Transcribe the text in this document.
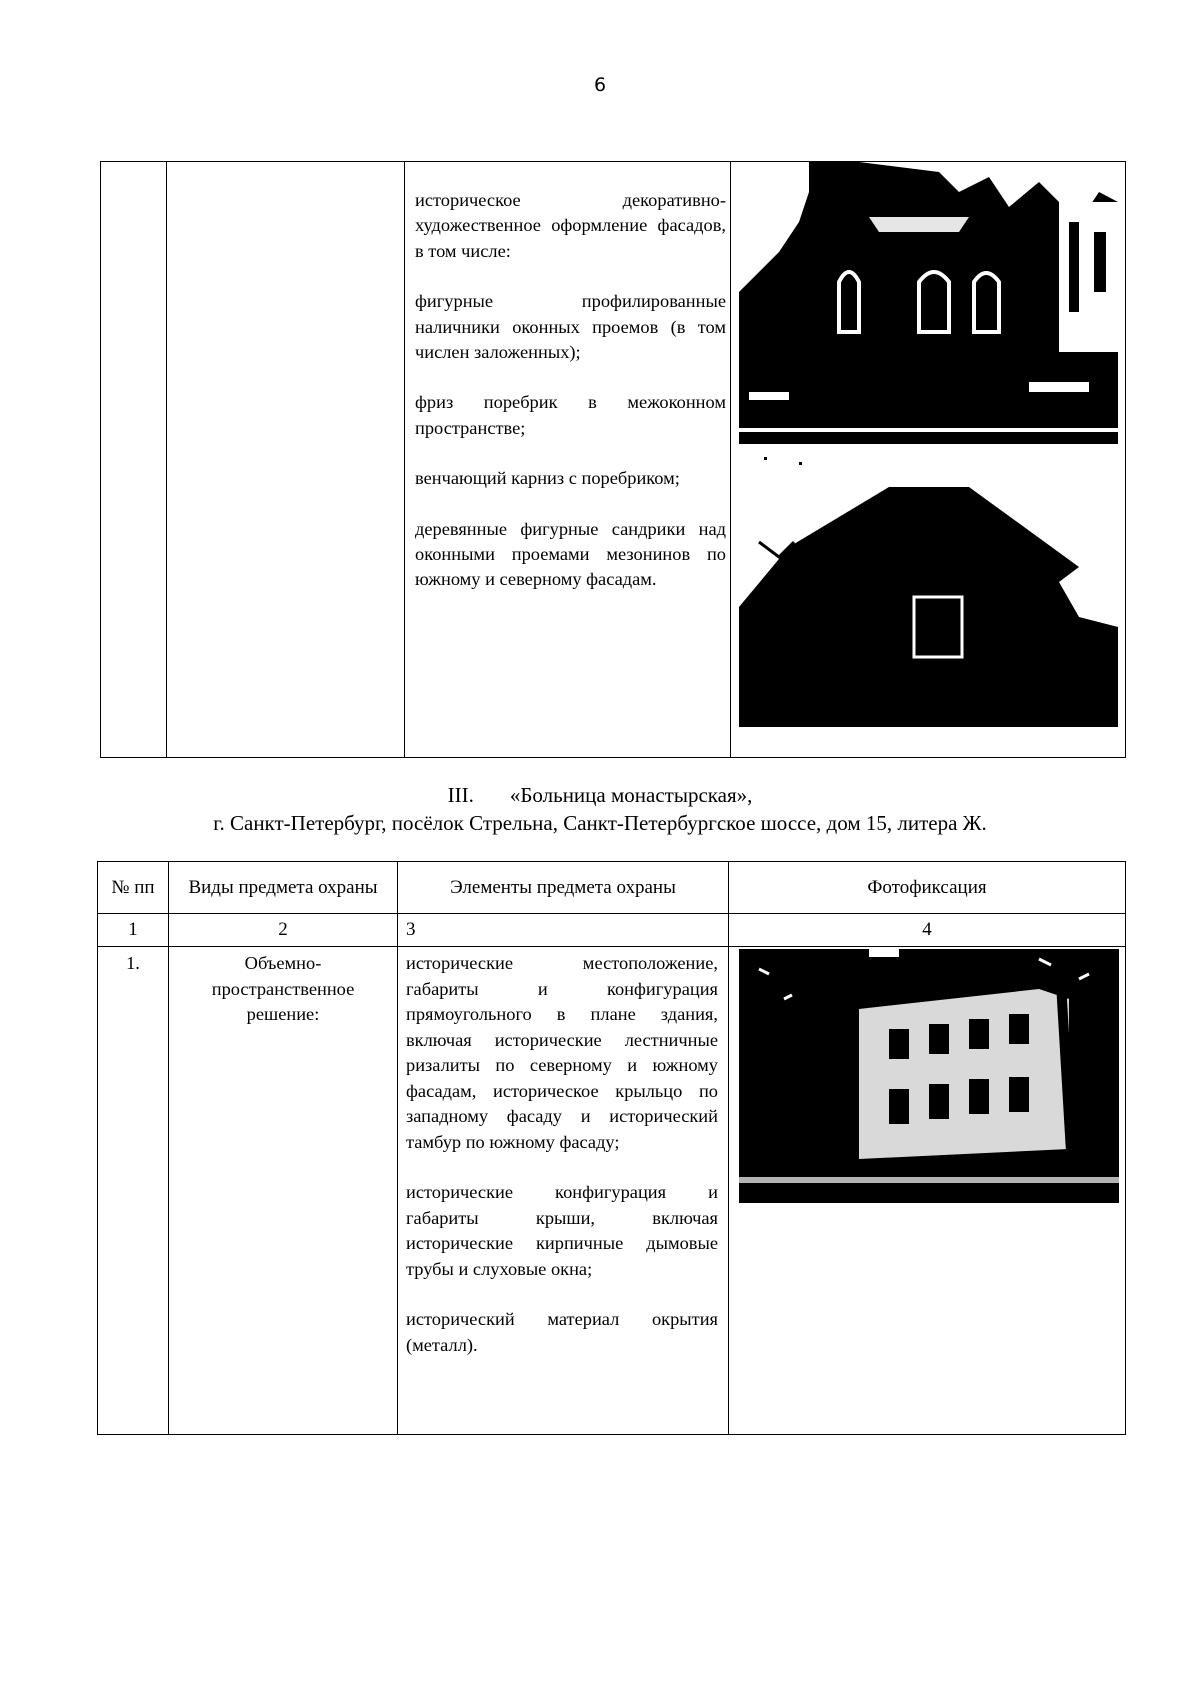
6

историческое декоративно-художественное оформление фасадов, в том числе:

фигурные профилированные наличники оконных проемов (в том числен заложенных);

фриз поребрик в межоконном пространстве;

венчающий карниз с поребриком;

деревянные фигурные сандрики над оконными проемами мезонинов по южному и северному фасадам.

III. «Больница монастырская»,
г. Санкт-Петербург, посёлок Стрельна, Санкт-Петербургское шоссе, дом 15, литера Ж.
№ пп	Виды предмета охраны	Элементы предмета охраны	Фотофиксация
1	2	3	4
1.	Объемно-пространственное решение:	исторические местоположение, габариты и конфигурация прямоугольного в плане здания, включая исторические лестничные ризалиты по северному и южному фасадам, историческое крыльцо по западному фасаду и исторический тамбур по южному фасаду;

исторические конфигурация и габариты крыши, включая исторические кирпичные дымовые трубы и слуховые окна;

исторический материал окрытия (металл).
